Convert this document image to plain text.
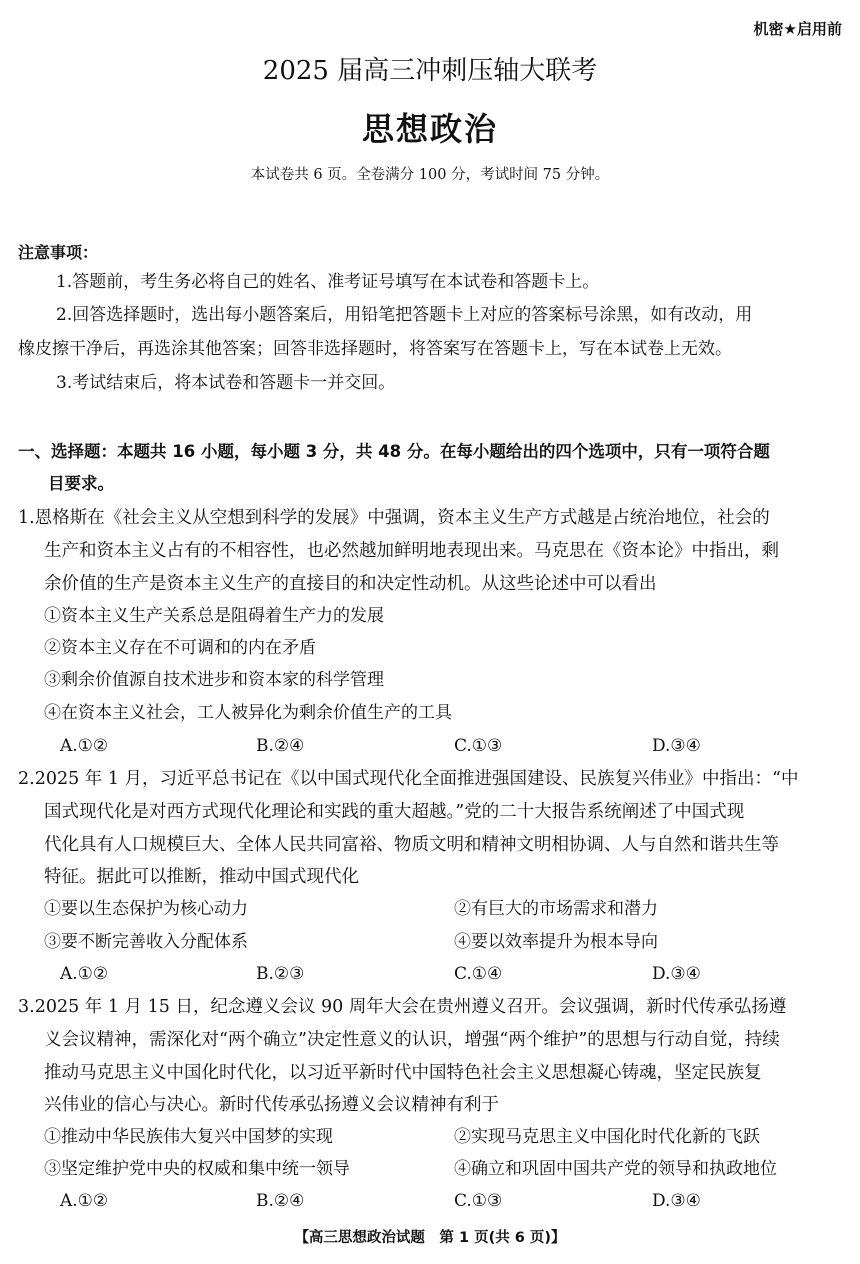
机密★启用前
2025 届高三冲刺压轴大联考
思想政治
本试卷共 6 页。全卷满分 100 分，考试时间 75 分钟。
注意事项：
1.答题前，考生务必将自己的姓名、准考证号填写在本试卷和答题卡上。
2.回答选择题时，选出每小题答案后，用铅笔把答题卡上对应的答案标号涂黑，如有改动，用
橡皮擦干净后，再选涂其他答案；回答非选择题时，将答案写在答题卡上，写在本试卷上无效。
3.考试结束后，将本试卷和答题卡一并交回。
一、选择题：本题共 16 小题，每小题 3 分，共 48 分。在每小题给出的四个选项中，只有一项符合题
目要求。
1.恩格斯在《社会主义从空想到科学的发展》中强调，资本主义生产方式越是占统治地位，社会的
生产和资本主义占有的不相容性，也必然越加鲜明地表现出来。马克思在《资本论》中指出，剩
余价值的生产是资本主义生产的直接目的和决定性动机。从这些论述中可以看出
①资本主义生产关系总是阻碍着生产力的发展
②资本主义存在不可调和的内在矛盾
③剩余价值源自技术进步和资本家的科学管理
④在资本主义社会，工人被异化为剩余价值生产的工具
A.①②	B.②④	C.①③	D.③④
2.2025 年 1 月，习近平总书记在《以中国式现代化全面推进强国建设、民族复兴伟业》中指出：“中
国式现代化是对西方式现代化理论和实践的重大超越。”党的二十大报告系统阐述了中国式现
代化具有人口规模巨大、全体人民共同富裕、物质文明和精神文明相协调、人与自然和谐共生等
特征。据此可以推断，推动中国式现代化
①要以生态保护为核心动力	②有巨大的市场需求和潜力
③要不断完善收入分配体系	④要以效率提升为根本导向
A.①②	B.②③	C.①④	D.③④
3.2025 年 1 月 15 日，纪念遵义会议 90 周年大会在贵州遵义召开。会议强调，新时代传承弘扬遵
义会议精神，需深化对“两个确立”决定性意义的认识，增强“两个维护”的思想与行动自觉，持续
推动马克思主义中国化时代化，以习近平新时代中国特色社会主义思想凝心铸魂，坚定民族复
兴伟业的信心与决心。新时代传承弘扬遵义会议精神有利于
①推动中华民族伟大复兴中国梦的实现	②实现马克思主义中国化时代化新的飞跃
③坚定维护党中央的权威和集中统一领导	④确立和巩固中国共产党的领导和执政地位
A.①②	B.②④	C.①③	D.③④
【高三思想政治试题　第 1 页(共 6 页)】
